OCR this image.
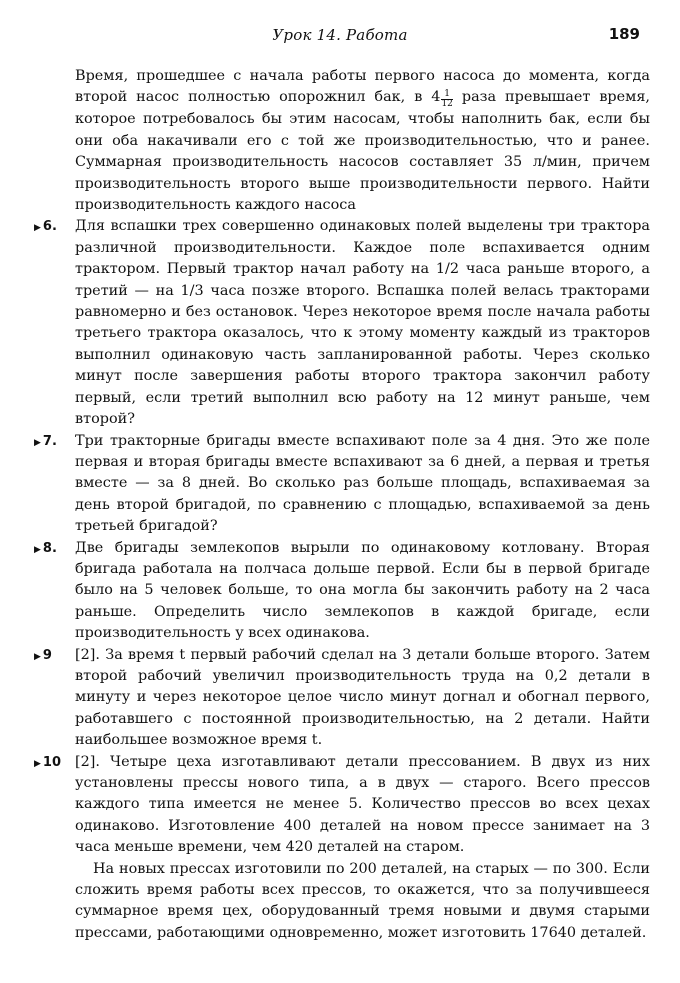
Урок 14. Работа	189

Время, прошедшее с начала работы первого насоса до момента, когда второй насос полностью опорожнил бак, в $4 \frac{1}{12}$ раза превышает время, которое потребовалось бы этим насосам, чтобы наполнить бак, если бы они оба накачивали его с той же производительностью, что и ранее. Суммарная производительность насосов составляет 35 л/мин, причем производительность второго выше производительности первого. Найти производительность каждого насоса

▶ 6. Для вспашки трех совершенно одинаковых полей выделены три трактора различной производительности. Каждое поле вспахивается одним трактором. Первый трактор начал работу на 1/2 часа раньше второго, а третий — на 1/3 часа позже второго. Вспашка полей велась тракторами равномерно и без остановок. Через некоторое время после начала работы третьего трактора оказалось, что к этому моменту каждый из тракторов выполнил одинаковую часть запланированной работы. Через сколько минут после завершения работы второго трактора закончил работу первый, если третий выполнил всю работу на 12 минут раньше, чем второй?

▶ 7. Три тракторные бригады вместе вспахивают поле за 4 дня. Это же поле первая и вторая бригады вместе вспахивают за 6 дней, а первая и третья вместе — за 8 дней. Во сколько раз больше площадь, вспахиваемая за день второй бригадой, по сравнению с площадью, вспахиваемой за день третьей бригадой?

▶ 8. Две бригады землекопов вырыли по одинаковому котловану. Вторая бригада работала на полчаса дольше первой. Если бы в первой бригаде было на 5 человек больше, то она могла бы закончить работу на 2 часа раньше. Определить число землекопов в каждой бригаде, если производительность у всех одинакова.

▶ 9 [2]. За время t первый рабочий сделал на 3 детали больше второго. Затем второй рабочий увеличил производительность труда на 0,2 детали в минуту и через некоторое целое число минут догнал и обогнал первого, работавшего с постоянной производительностью, на 2 детали. Найти наибольшее возможное время t.

▶ 10 [2]. Четыре цеха изготавливают детали прессованием. В двух из них установлены прессы нового типа, а в двух — старого. Всего прессов каждого типа имеется не менее 5. Количество прессов во всех цехах одинаково. Изготовление 400 деталей на новом прессе занимает на 3 часа меньше времени, чем 420 деталей на старом.

На новых прессах изготовили по 200 деталей, на старых — по 300. Если сложить время работы всех прессов, то окажется, что за получившееся суммарное время цех, оборудованный тремя новыми и двумя старыми прессами, работающими одновременно, может изготовить 17640 деталей.
